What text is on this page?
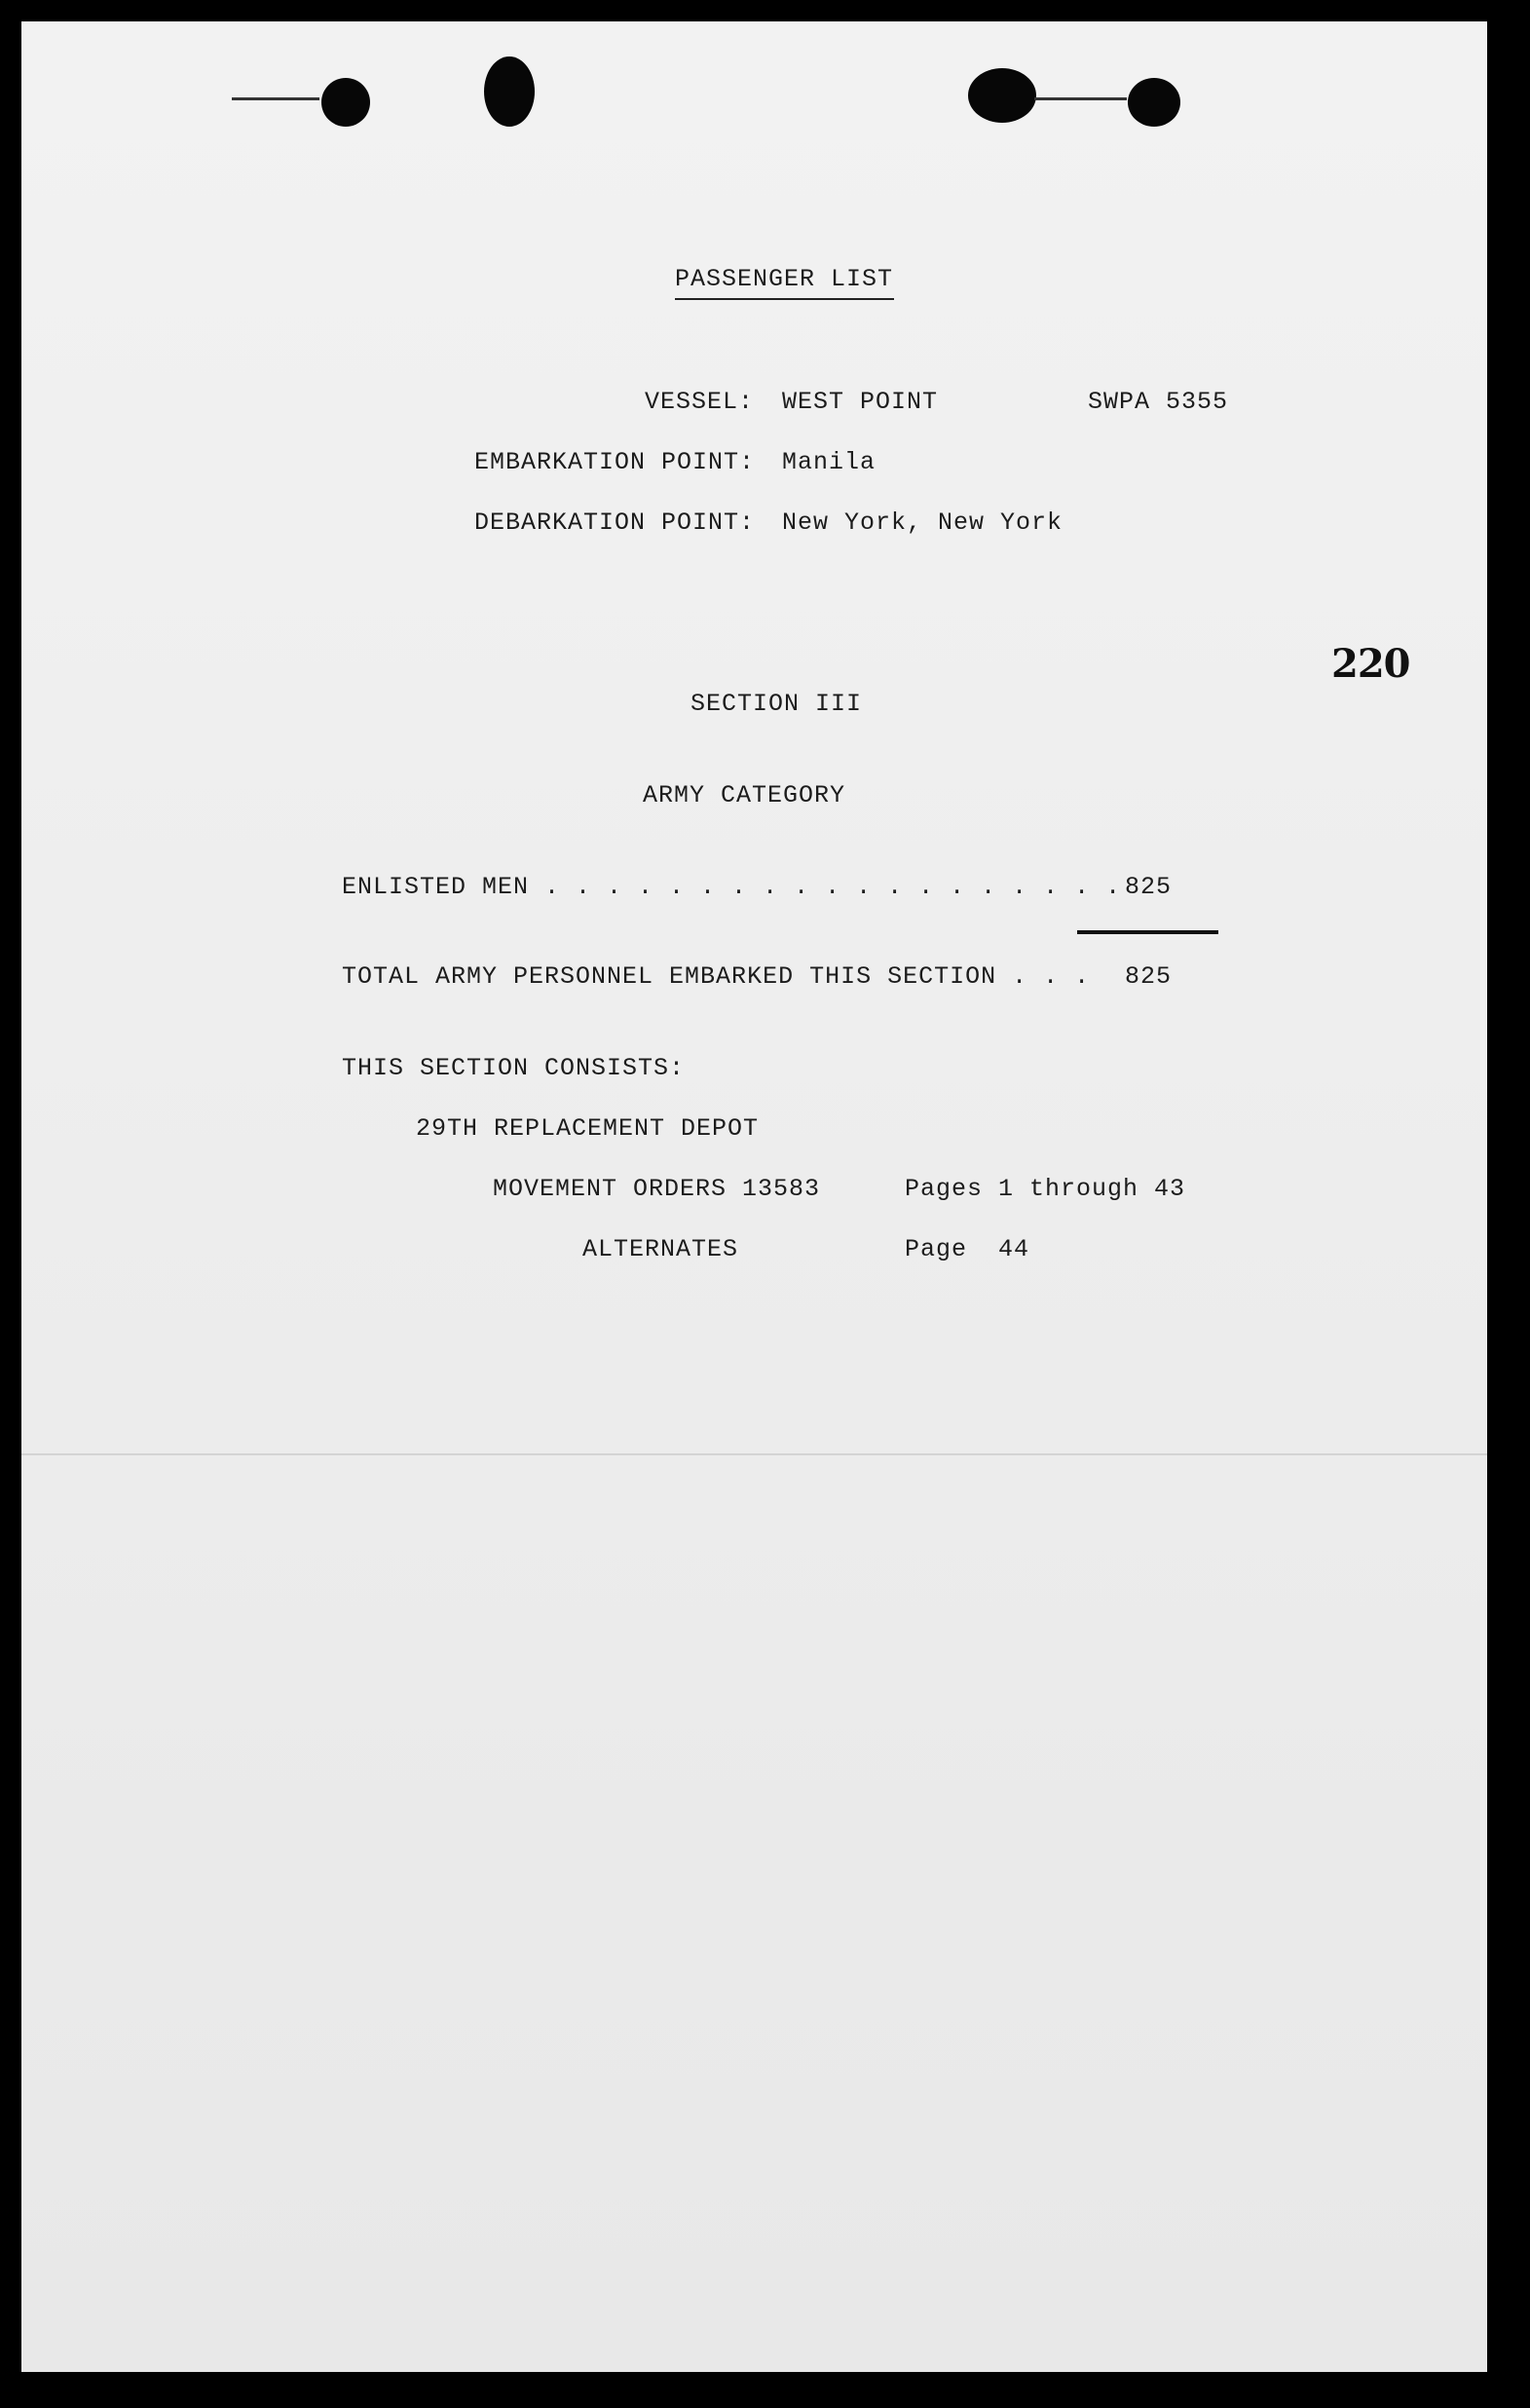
PASSENGER LIST
VESSEL: WEST POINT	SWPA 5355
EMBARKATION POINT: Manila
DEBARKATION POINT: New York, New York
220
SECTION III
ARMY CATEGORY
ENLISTED MEN . . . . . . . . . . . . . . . . . . . 825
TOTAL ARMY PERSONNEL EMBARKED THIS SECTION . . . 825
THIS SECTION CONSISTS:
29TH REPLACEMENT DEPOT
MOVEMENT ORDERS 13583	Pages 1 through 43
ALTERNATES	Page  44
